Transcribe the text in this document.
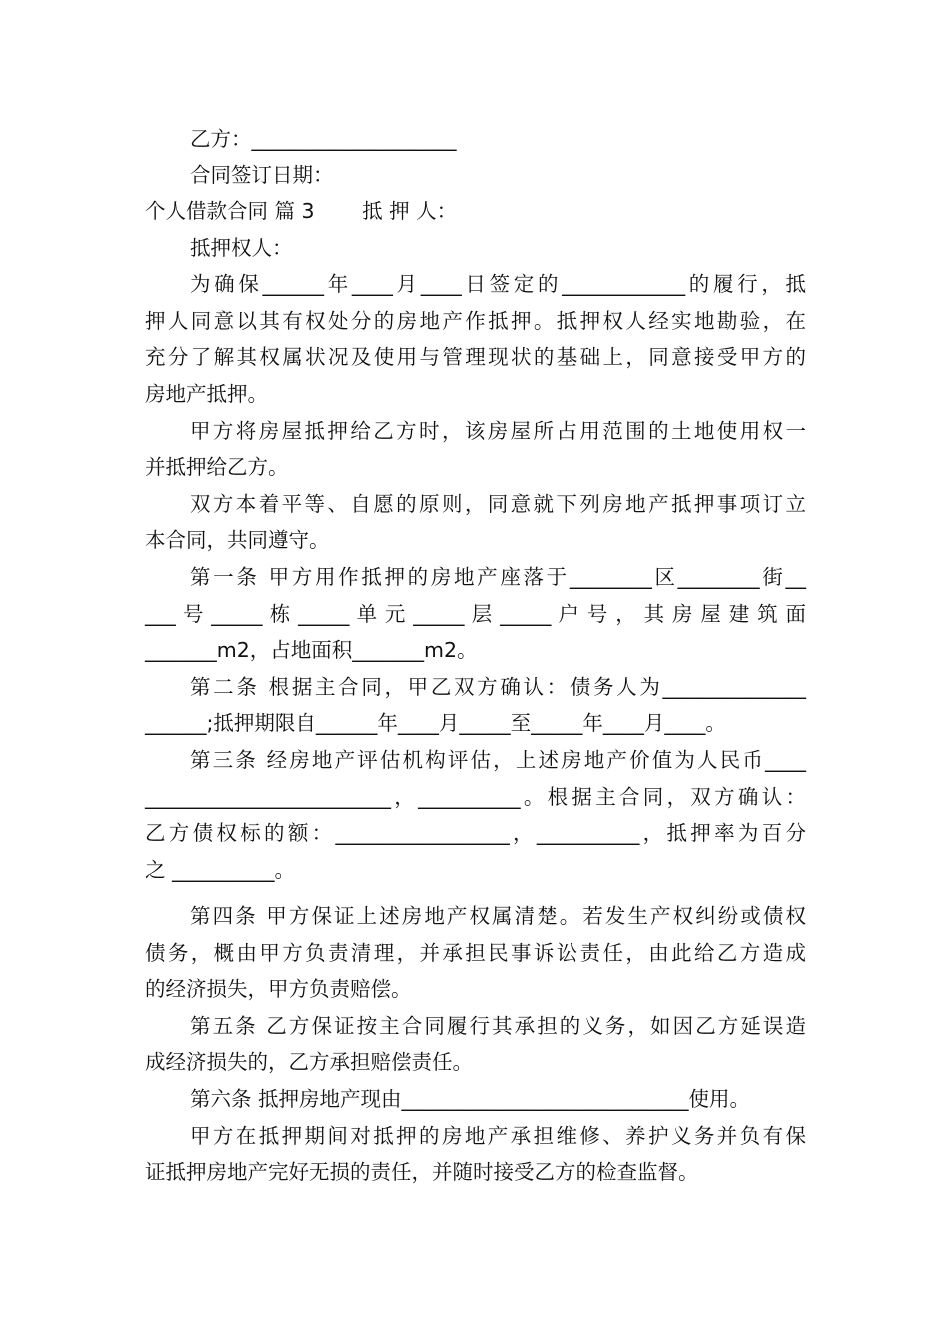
乙方：____________________
合同签订日期：
个人借款合同 篇 3　　 抵 押 人：
抵押权人：
为确保______年____月____日签定的____________的履行，抵
押人同意以其有权处分的房地产作抵押。抵押权人经实地勘验，在
充分了解其权属状况及使用与管理现状的基础上，同意接受甲方的
房地产抵押。
甲方将房屋抵押给乙方时，该房屋所占用范围的土地使用权一
并抵押给乙方。
双方本着平等、自愿的原则，同意就下列房地产抵押事项订立
本合同，共同遵守。
第一条 甲方用作抵押的房地产座落于________区________街__
___ 号 _____ 栋 _____ 单 元 _____ 层 _____ 户 号 ， 其 房 屋 建 筑 面
_______m2，占地面积_______m2。
第二条 根据主合同，甲乙双方确认：债务人为______________
______;抵押期限自______年____月_____至_____年____月____。
第三条 经房地产评估机构评估，上述房地产价值为人民币____
________________________，__________。根据主合同，双方确认：
乙方债权标的额：_________________，__________，抵押率为百分
之 __________。
第四条 甲方保证上述房地产权属清楚。若发生产权纠纷或债权
债务，概由甲方负责清理，并承担民事诉讼责任，由此给乙方造成
的经济损失，甲方负责赔偿。
第五条 乙方保证按主合同履行其承担的义务，如因乙方延误造
成经济损失的，乙方承担赔偿责任。
第六条 抵押房地产现由____________________________使用。
甲方在抵押期间对抵押的房地产承担维修、养护义务并负有保
证抵押房地产完好无损的责任，并随时接受乙方的检查监督。
